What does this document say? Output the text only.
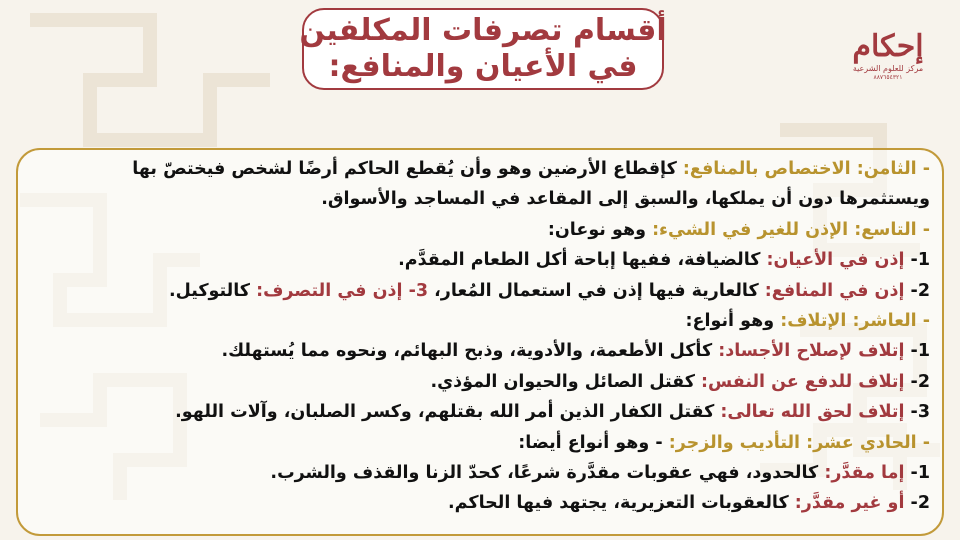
إحكام
مركز للعلوم الشرعية
٨٨٧٦٥٤٣٢١
أقسام تصرفات المكلفين
في الأعيان والمنافع:
- الثامن: الاختصاص بالمنافع: كإقطاع الأرضين وهو وأن يُقطع الحاكم أرضًا لشخص فيختصّ بها
ويستثمرها دون أن يملكها، والسبق إلى المقاعد في المساجد والأسواق.
- التاسع: الإذن للغير في الشيء: وهو نوعان:
1- إذن في الأعيان: كالضيافة، ففيها إباحة أكل الطعام المقدَّم.
2- إذن في المنافع: كالعارية فيها إذن في استعمال المُعار، 3- إذن في التصرف: كالتوكيل.
- العاشر: الإتلاف: وهو أنواع:
1- إتلاف لإصلاح الأجساد: كأكل الأطعمة، والأدوية، وذبح البهائم، ونحوه مما يُستهلك.
2- إتلاف للدفع عن النفس: كقتل الصائل والحيوان المؤذي.
3- إتلاف لحق الله تعالى: كقتل الكفار الذين أمر الله بقتلهم، وكسر الصلبان، وآلات اللهو.
- الحادي عشر: التأديب والزجر: - وهو أنواع أيضا:
1- إما مقدَّر: كالحدود، فهي عقوبات مقدَّرة شرعًا، كحدّ الزنا والقذف والشرب.
2- أو غير مقدَّر: كالعقوبات التعزيرية، يجتهد فيها الحاكم.
